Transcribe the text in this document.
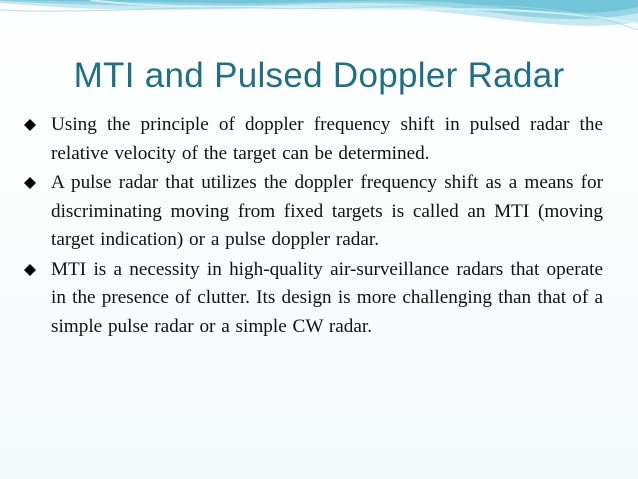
MTI and Pulsed Doppler Radar
Using the principle of doppler frequency shift in pulsed radar the relative velocity of the target can be determined.
A pulse radar that utilizes the doppler frequency shift as a means for discriminating moving from fixed targets is called an MTI (moving target indication) or a pulse doppler radar.
MTI is a necessity in high-quality air-surveillance radars that operate in the presence of clutter. Its design is more challenging than that of a simple pulse radar or a simple CW radar.
